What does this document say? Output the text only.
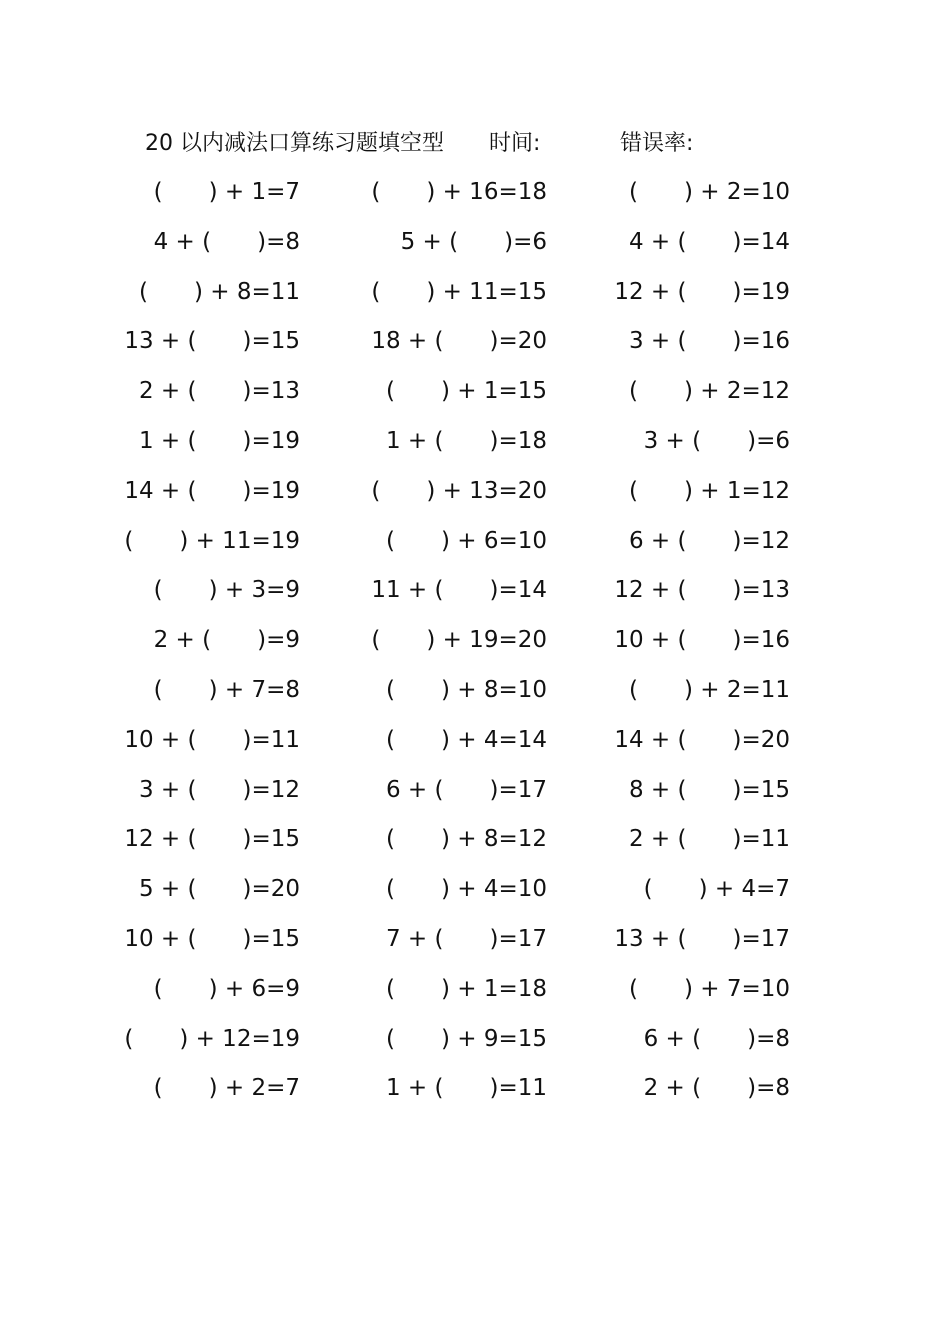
20 以内减法口算练习题填空型 时间:	错误率:
(　　) + 1=7	(　　) + 16=18	(　　) + 2=10
4 + (　　)=8	5 + (　　)=6	4 + (　　)=14
(　　) + 8=11	(　　) + 11=15	12 + (　　)=19
13 + (　　)=15	18 + (　　)=20	3 + (　　)=16
2 + (　　)=13	(　　) + 1=15	(　　) + 2=12
1 + (　　)=19	1 + (　　)=18	3 + (　　)=6
14 + (　　)=19	(　　) + 13=20	(　　) + 1=12
(　　) + 11=19	(　　) + 6=10	6 + (　　)=12
(　　) + 3=9	11 + (　　)=14	12 + (　　)=13
2 + (　　)=9	(　　) + 19=20	10 + (　　)=16
(　　) + 7=8	(　　) + 8=10	(　　) + 2=11
10 + (　　)=11	(　　) + 4=14	14 + (　　)=20
3 + (　　)=12	6 + (　　)=17	8 + (　　)=15
12 + (　　)=15	(　　) + 8=12	2 + (　　)=11
5 + (　　)=20	(　　) + 4=10	(　　) + 4=7
10 + (　　)=15	7 + (　　)=17	13 + (　　)=17
(　　) + 6=9	(　　) + 1=18	(　　) + 7=10
(　　) + 12=19	(　　) + 9=15	6 + (　　)=8
(　　) + 2=7	1 + (　　)=11	2 + (　　)=8
